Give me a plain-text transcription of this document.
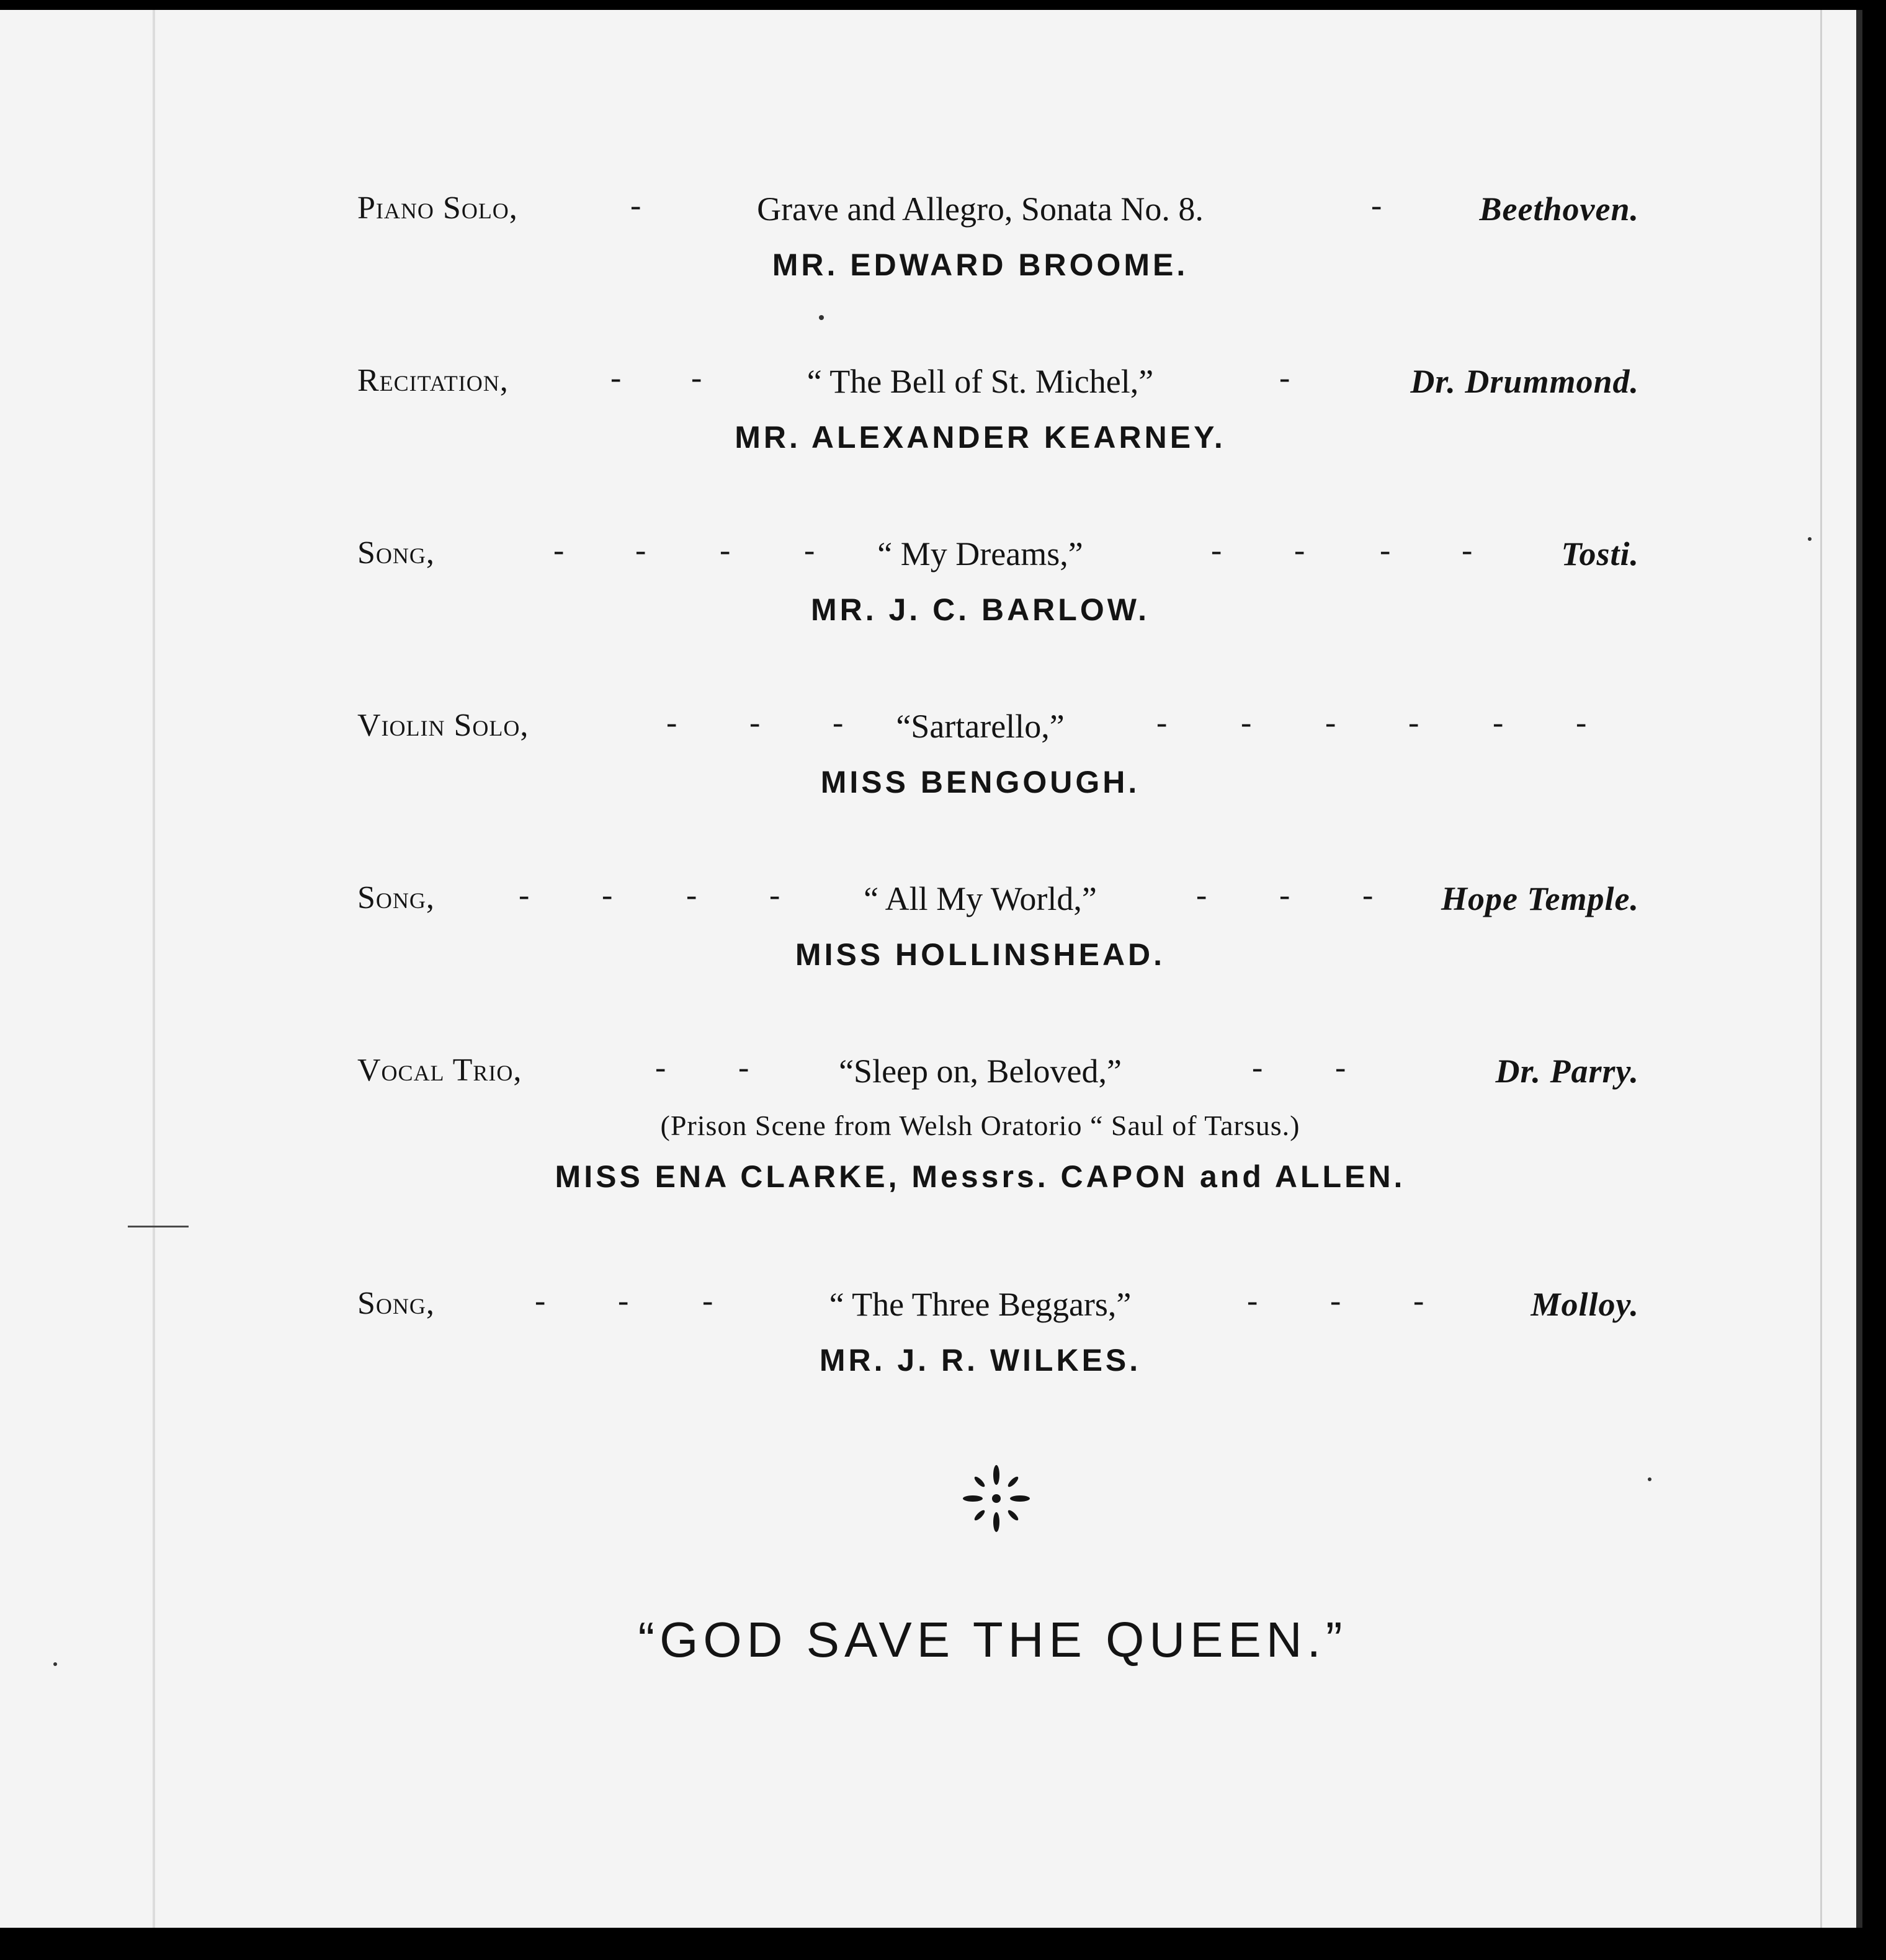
Piano Solo,	-	Grave and Allegro, Sonata No. 8.	-	Beethoven.
MR. EDWARD BROOME.
Recitation,	- -	“ The Bell of St. Michel,”	-	Dr. Drummond.
MR. ALEXANDER KEARNEY.
Song,	- - - -	“ My Dreams,”	- - - -	Tosti.
MR. J. C. BARLOW.
Violin Solo,	- - -	“Sartarello,”	- - - - - -
MISS BENGOUGH.
Song,	- - - -	“ All My World,”	- - - Hope Temple.
MISS HOLLINSHEAD.
Vocal Trio,	- -	“Sleep on, Beloved,”	- -	Dr. Parry.
(Prison Scene from Welsh Oratorio “ Saul of Tarsus.)
MISS ENA CLARKE, Messrs. CAPON and ALLEN.
Song,	- - -	“ The Three Beggars,”	- - -	Molloy.
MR. J. R. WILKES.
“GOD SAVE THE QUEEN.”
